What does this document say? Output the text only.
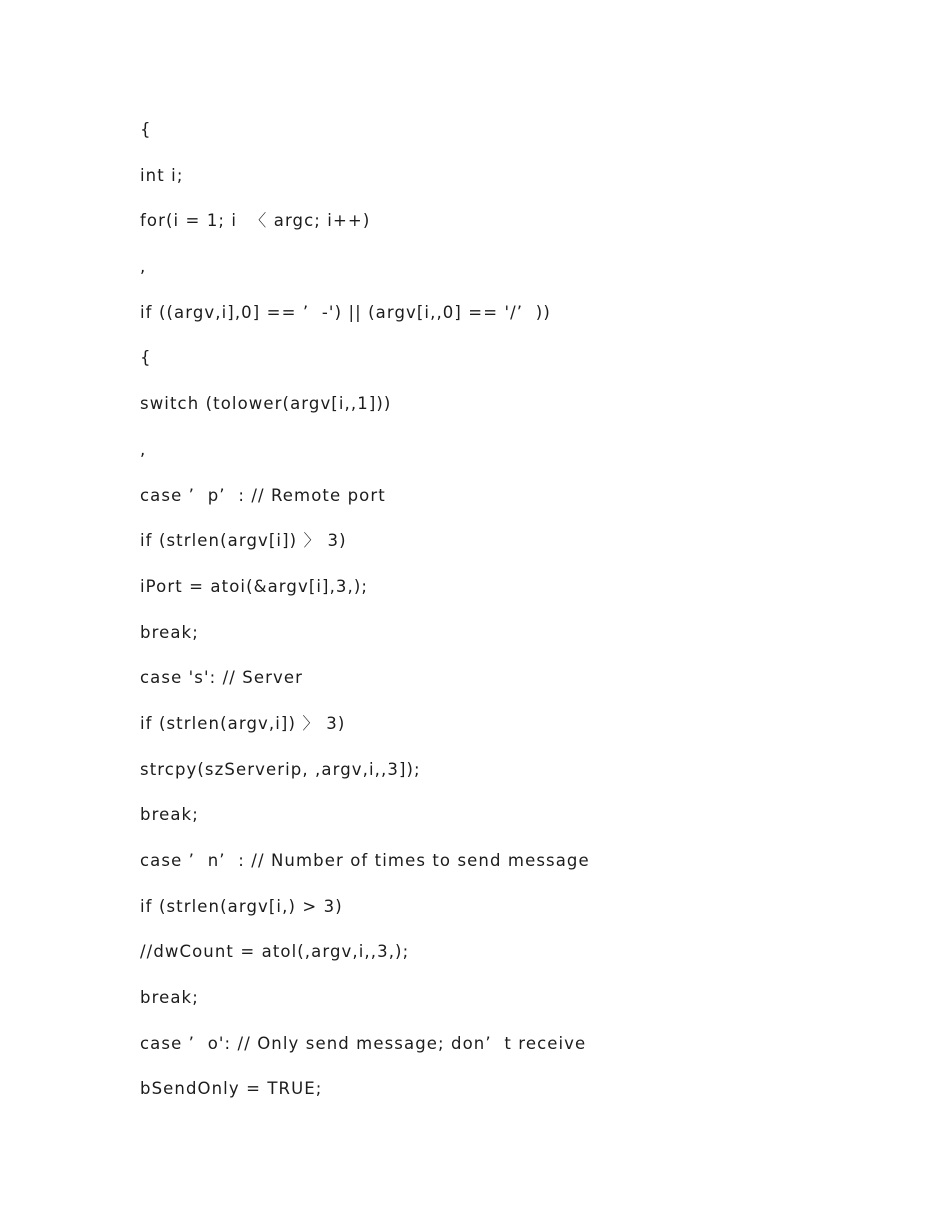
{
int i;
for(i = 1; i  〈 argc; i++)
,
if ((argv,i],0] == ’  -') || (argv[i,,0] == '/’  ))
{
switch (tolower(argv[i,,1]))
,
case ’  p’  : // Remote port
if (strlen(argv[i]) 〉 3)
iPort = atoi(&argv[i],3,);
break;
case 's': // Server
if (strlen(argv,i]) 〉 3)
strcpy(szServerip, ,argv,i,,3]);
break;
case ’  n’  : // Number of times to send message
if (strlen(argv[i,) > 3)
//dwCount = atol(,argv,i,,3,);
break;
case ’  o': // Only send message; don’  t receive
bSendOnly = TRUE;
